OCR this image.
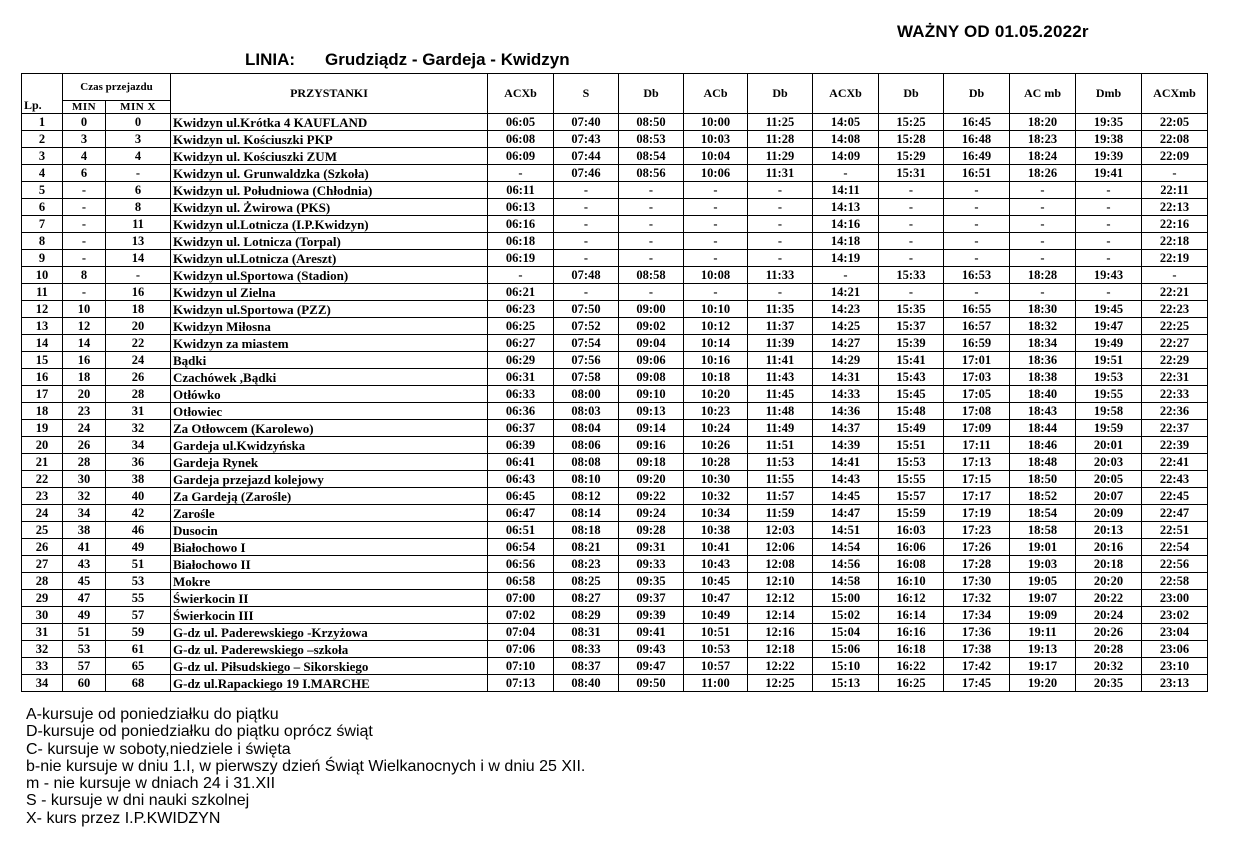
WAŻNY OD 01.05.2022r
LINIA: Grudziądz - Gardeja - Kwidzyn
Lp.	Czas przejazdu		PRZYSTANKI	ACXb	S	Db	ACb	Db	ACXb	Db	Db	AC mb	Dmb	ACXmb
	MIN	MIN X												
1	0	0	Kwidzyn ul.Krótka 4 KAUFLAND	06:05	07:40	08:50	10:00	11:25	14:05	15:25	16:45	18:20	19:35	22:05
2	3	3	Kwidzyn ul. Kościuszki PKP	06:08	07:43	08:53	10:03	11:28	14:08	15:28	16:48	18:23	19:38	22:08
3	4	4	Kwidzyn ul. Kościuszki ZUM	06:09	07:44	08:54	10:04	11:29	14:09	15:29	16:49	18:24	19:39	22:09
4	6	-	Kwidzyn ul. Grunwaldzka (Szkoła)	-	07:46	08:56	10:06	11:31	-	15:31	16:51	18:26	19:41	-
5	-	6	Kwidzyn ul. Południowa (Chłodnia)	06:11	-	-	-	-	14:11	-	-	-	-	22:11
6	-	8	Kwidzyn ul. Żwirowa (PKS)	06:13	-	-	-	-	14:13	-	-	-	-	22:13
7	-	11	Kwidzyn ul.Lotnicza (I.P.Kwidzyn)	06:16	-	-	-	-	14:16	-	-	-	-	22:16
8	-	13	Kwidzyn ul. Lotnicza (Torpal)	06:18	-	-	-	-	14:18	-	-	-	-	22:18
9	-	14	Kwidzyn ul.Lotnicza (Areszt)	06:19	-	-	-	-	14:19	-	-	-	-	22:19
10	8	-	Kwidzyn ul.Sportowa (Stadion)	-	07:48	08:58	10:08	11:33	-	15:33	16:53	18:28	19:43	-
11	-	16	Kwidzyn ul Zielna	06:21	-	-	-	-	14:21	-	-	-	-	22:21
12	10	18	Kwidzyn ul.Sportowa (PZZ)	06:23	07:50	09:00	10:10	11:35	14:23	15:35	16:55	18:30	19:45	22:23
13	12	20	Kwidzyn Miłosna	06:25	07:52	09:02	10:12	11:37	14:25	15:37	16:57	18:32	19:47	22:25
14	14	22	Kwidzyn za miastem	06:27	07:54	09:04	10:14	11:39	14:27	15:39	16:59	18:34	19:49	22:27
15	16	24	Bądki	06:29	07:56	09:06	10:16	11:41	14:29	15:41	17:01	18:36	19:51	22:29
16	18	26	Czachówek ,Bądki	06:31	07:58	09:08	10:18	11:43	14:31	15:43	17:03	18:38	19:53	22:31
17	20	28	Otłówko	06:33	08:00	09:10	10:20	11:45	14:33	15:45	17:05	18:40	19:55	22:33
18	23	31	Otłowiec	06:36	08:03	09:13	10:23	11:48	14:36	15:48	17:08	18:43	19:58	22:36
19	24	32	Za Otłowcem (Karolewo)	06:37	08:04	09:14	10:24	11:49	14:37	15:49	17:09	18:44	19:59	22:37
20	26	34	Gardeja ul.Kwidzyńska	06:39	08:06	09:16	10:26	11:51	14:39	15:51	17:11	18:46	20:01	22:39
21	28	36	Gardeja Rynek	06:41	08:08	09:18	10:28	11:53	14:41	15:53	17:13	18:48	20:03	22:41
22	30	38	Gardeja przejazd kolejowy	06:43	08:10	09:20	10:30	11:55	14:43	15:55	17:15	18:50	20:05	22:43
23	32	40	Za Gardeją (Zarośle)	06:45	08:12	09:22	10:32	11:57	14:45	15:57	17:17	18:52	20:07	22:45
24	34	42	Zarośle	06:47	08:14	09:24	10:34	11:59	14:47	15:59	17:19	18:54	20:09	22:47
25	38	46	Dusocin	06:51	08:18	09:28	10:38	12:03	14:51	16:03	17:23	18:58	20:13	22:51
26	41	49	Białochowo I	06:54	08:21	09:31	10:41	12:06	14:54	16:06	17:26	19:01	20:16	22:54
27	43	51	Białochowo II	06:56	08:23	09:33	10:43	12:08	14:56	16:08	17:28	19:03	20:18	22:56
28	45	53	Mokre	06:58	08:25	09:35	10:45	12:10	14:58	16:10	17:30	19:05	20:20	22:58
29	47	55	Świerkocin II	07:00	08:27	09:37	10:47	12:12	15:00	16:12	17:32	19:07	20:22	23:00
30	49	57	Świerkocin III	07:02	08:29	09:39	10:49	12:14	15:02	16:14	17:34	19:09	20:24	23:02
31	51	59	G-dz ul. Paderewskiego -Krzyżowa	07:04	08:31	09:41	10:51	12:16	15:04	16:16	17:36	19:11	20:26	23:04
32	53	61	G-dz ul. Paderewskiego –szkoła	07:06	08:33	09:43	10:53	12:18	15:06	16:18	17:38	19:13	20:28	23:06
33	57	65	G-dz ul. Piłsudskiego – Sikorskiego	07:10	08:37	09:47	10:57	12:22	15:10	16:22	17:42	19:17	20:32	23:10
34	60	68	G-dz ul.Rapackiego 19 I.MARCHE	07:13	08:40	09:50	11:00	12:25	15:13	16:25	17:45	19:20	20:35	23:13
A-kursuje od poniedziałku do piątku
D-kursuje od poniedziałku do piątku oprócz świąt
C- kursuje w soboty,niedziele i święta
b-nie kursuje w dniu 1.I, w pierwszy dzień Świąt Wielkanocnych i w dniu 25 XII.
m - nie kursuje w dniach 24 i 31.XII
S - kursuje w dni nauki szkolnej
X- kurs przez I.P.KWIDZYN
